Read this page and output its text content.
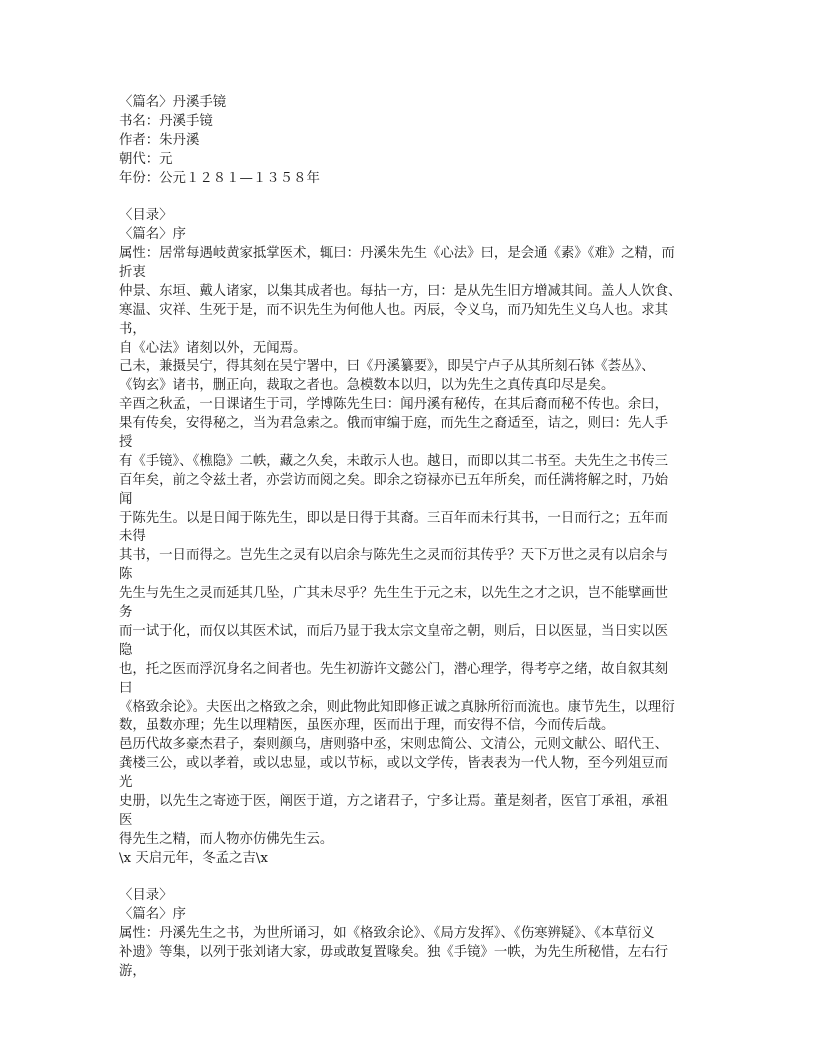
〈篇名〉丹溪手镜
书名：丹溪手镜
作者：朱丹溪
朝代：元
年份：公元１２８１—１３５８年
〈目录〉
〈篇名〉序
属性：居常每遇岐黄家抵掌医术，辄曰：丹溪朱先生《心法》曰，是会通《素》《难》之精，而
折衷
仲景、东垣、戴人诸家，以集其成者也。每拈一方，曰：是从先生旧方增减其间。盖人人饮食、
寒温、灾祥、生死于是，而不识先生为何他人也。丙辰，令义乌，而乃知先生义乌人也。求其
书，
自《心法》诸刻以外，无闻焉。
己未，兼摄吴宁，得其刻在吴宁署中，曰《丹溪纂要》，即吴宁卢子从其所刻石钵《荟丛》、
《钩玄》诸书，删正向，裁取之者也。急模数本以归，以为先生之真传真印尽是矣。
辛酉之秋孟，一日课诸生于司，学博陈先生曰：闻丹溪有秘传，在其后裔而秘不传也。余曰，
果有传矣，安得秘之，当为君急索之。俄而审编于庭，而先生之裔适至，诘之，则曰：先人手
授
有《手镜》、《樵隐》二帙，藏之久矣，未敢示人也。越日，而即以其二书至。夫先生之书传三
百年矣，前之令兹土者，亦尝访而阅之矣。即余之窃禄亦已五年所矣，而任满将解之时，乃始
闻
于陈先生。以是日闻于陈先生，即以是日得于其裔。三百年而未行其书，一日而行之；五年而
未得
其书，一日而得之。岂先生之灵有以启余与陈先生之灵而衍其传乎？天下万世之灵有以启余与
陈
先生与先生之灵而延其几坠，广其未尽乎？先生生于元之末，以先生之才之识，岂不能擘画世
务
而一试于化，而仅以其医术试，而后乃显于我太宗文皇帝之朝，则后，日以医显，当日实以医
隐
也，托之医而浮沉身名之间者也。先生初游许文懿公门，潜心理学，得考亭之绪，故自叙其刻
曰
《格致余论》。夫医出之格致之余，则此物此知即修正诚之真脉所衍而流也。康节先生，以理衍
数，虽数亦理；先生以理精医，虽医亦理，医而出于理，而安得不信，今而传后哉。
邑历代故多豪杰君子，秦则颜乌，唐则骆中丞，宋则忠简公、文清公，元则文献公、昭代王、
龚楼三公，或以孝着，或以忠显，或以节标，或以文学传，皆表表为一代人物，至今列俎豆而
光
史册，以先生之寄迹于医，阐医于道，方之诸君子，宁多让焉。董是刻者，医官丁承祖，承祖
医
得先生之精，而人物亦仿佛先生云。
\x 天启元年，冬孟之吉\x
〈目录〉
〈篇名〉序
属性：丹溪先生之书，为世所诵习，如《格致余论》、《局方发挥》、《伤寒辨疑》、《本草衍义
补遗》等集，以列于张刘诸大家，毋或敢复置喙矣。独《手镜》一帙，为先生所秘惜，左右行
游，
